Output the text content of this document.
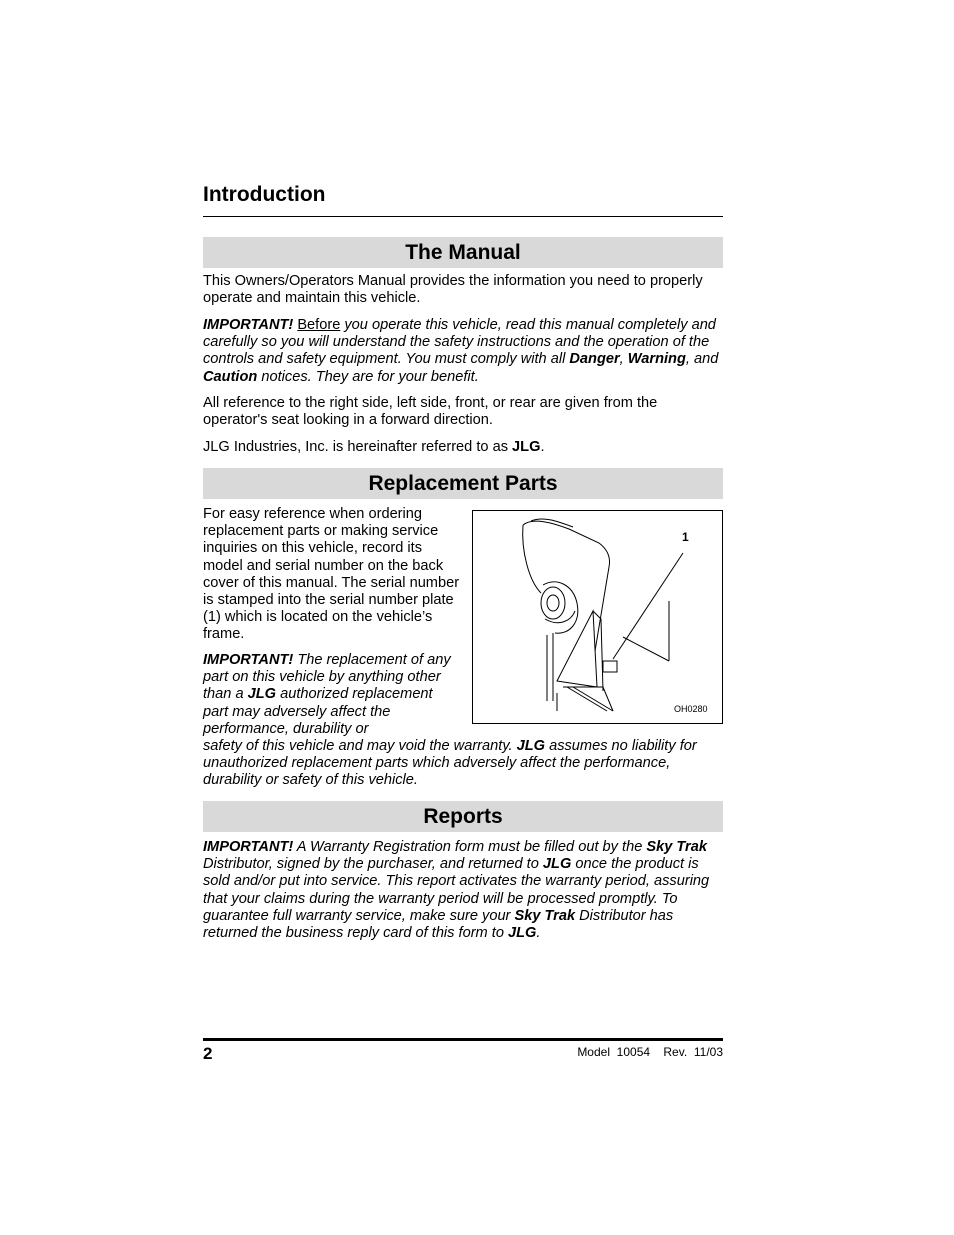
Introduction
The Manual

This Owners/Operators Manual provides the information you need to properly operate and maintain this vehicle.

IMPORTANT! Before you operate this vehicle, read this manual completely and carefully so you will understand the safety instructions and the operation of the controls and safety equipment. You must comply with all Danger, Warning, and Caution notices. They are for your benefit.

All reference to the right side, left side, front, or rear are given from the operator's seat looking in a forward direction.

JLG Industries, Inc. is hereinafter referred to as JLG.

Replacement Parts

For easy reference when ordering replacement parts or making service inquiries on this vehicle, record its model and serial number on the back cover of this manual. The serial number is stamped into the serial number plate (1) which is located on the vehicle’s frame.

1
OH0280

IMPORTANT! The replacement of any part on this vehicle by anything other than a JLG authorized replacement part may adversely affect the performance, durability or
safety of this vehicle and may void the warranty. JLG assumes no liability for unauthorized replacement parts which adversely affect the performance, durability or safety of this vehicle.

Reports

IMPORTANT! A Warranty Registration form must be filled out by the Sky Trak Distributor, signed by the purchaser, and returned to JLG once the product is sold and/or put into service. This report activates the warranty period, assuring that your claims during the warranty period will be processed promptly. To guarantee full warranty service, make sure your Sky Trak Distributor has returned the business reply card of this form to JLG.

2	Model 10054 Rev. 11/03
